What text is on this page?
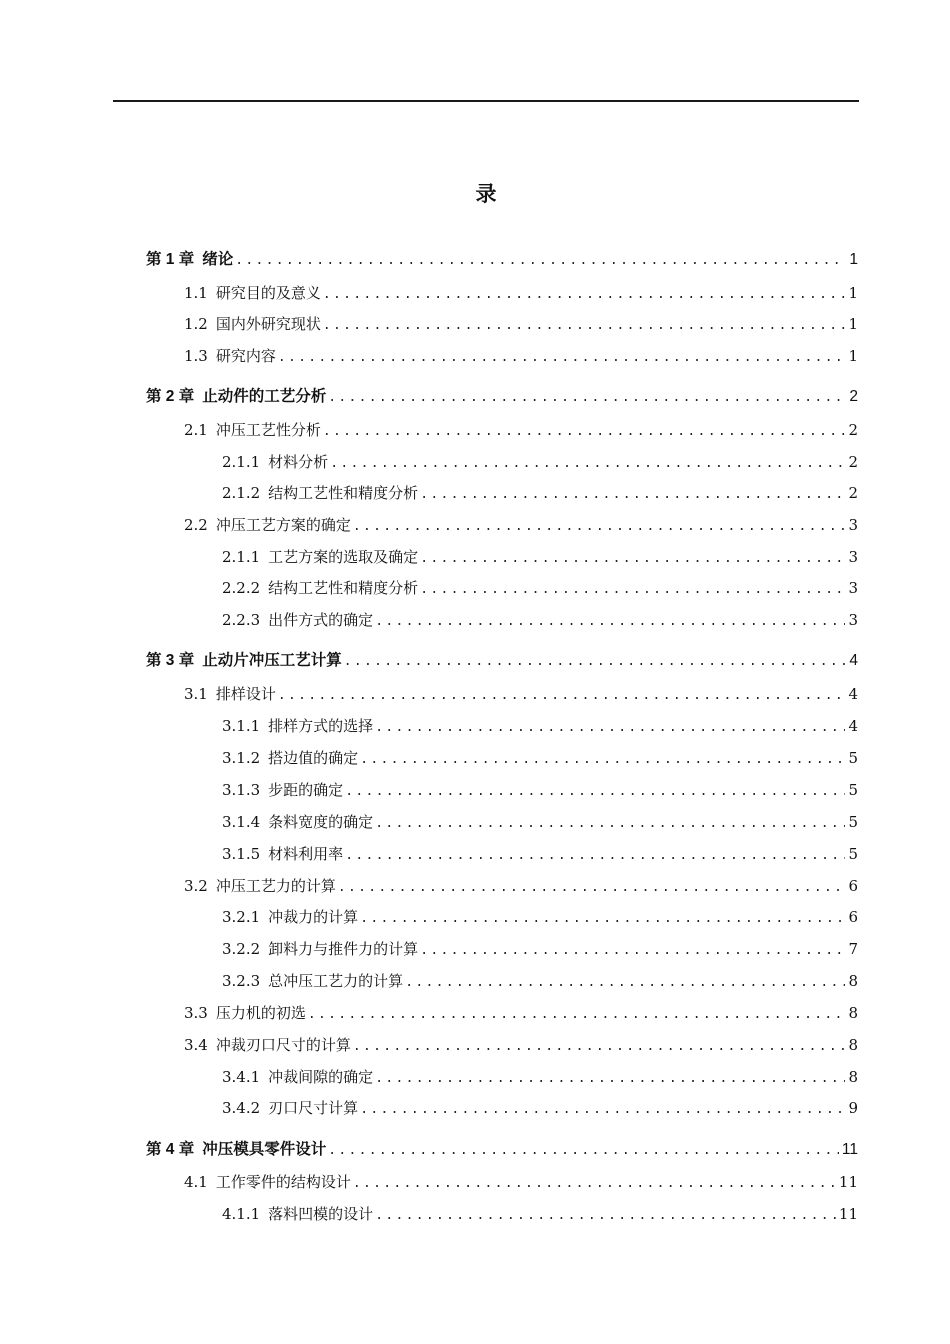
录
第 1 章 绪论 .....	1
1.1 研究目的及意义 .....	1
1.2 国内外研究现状 .....	1
1.3 研究内容 .....	1
第 2 章 止动件的工艺分析 .....	2
2.1 冲压工艺性分析 .....	2
2.1.1 材料分析 .....	2
2.1.2 结构工艺性和精度分析 .....	2
2.2 冲压工艺方案的确定 .....	3
2.1.1 工艺方案的选取及确定 .....	3
2.2.2 结构工艺性和精度分析 .....	3
2.2.3 出件方式的确定 .....	3
第 3 章 止动片冲压工艺计算 .....	4
3.1 排样设计 .....	4
3.1.1 排样方式的选择 .....	4
3.1.2 搭边值的确定 .....	5
3.1.3 步距的确定 .....	5
3.1.4 条料宽度的确定 .....	5
3.1.5 材料利用率 .....	5
3.2 冲压工艺力的计算 .....	6
3.2.1 冲裁力的计算 .....	6
3.2.2 卸料力与推件力的计算 .....	7
3.2.3 总冲压工艺力的计算 .....	8
3.3 压力机的初选 .....	8
3.4 冲裁刃口尺寸的计算 .....	8
3.4.1 冲裁间隙的确定 .....	8
3.4.2 刃口尺寸计算 .....	9
第 4 章 冲压模具零件设计 .....	11
4.1 工作零件的结构设计 .....	11
4.1.1 落料凹模的设计 .....	11
